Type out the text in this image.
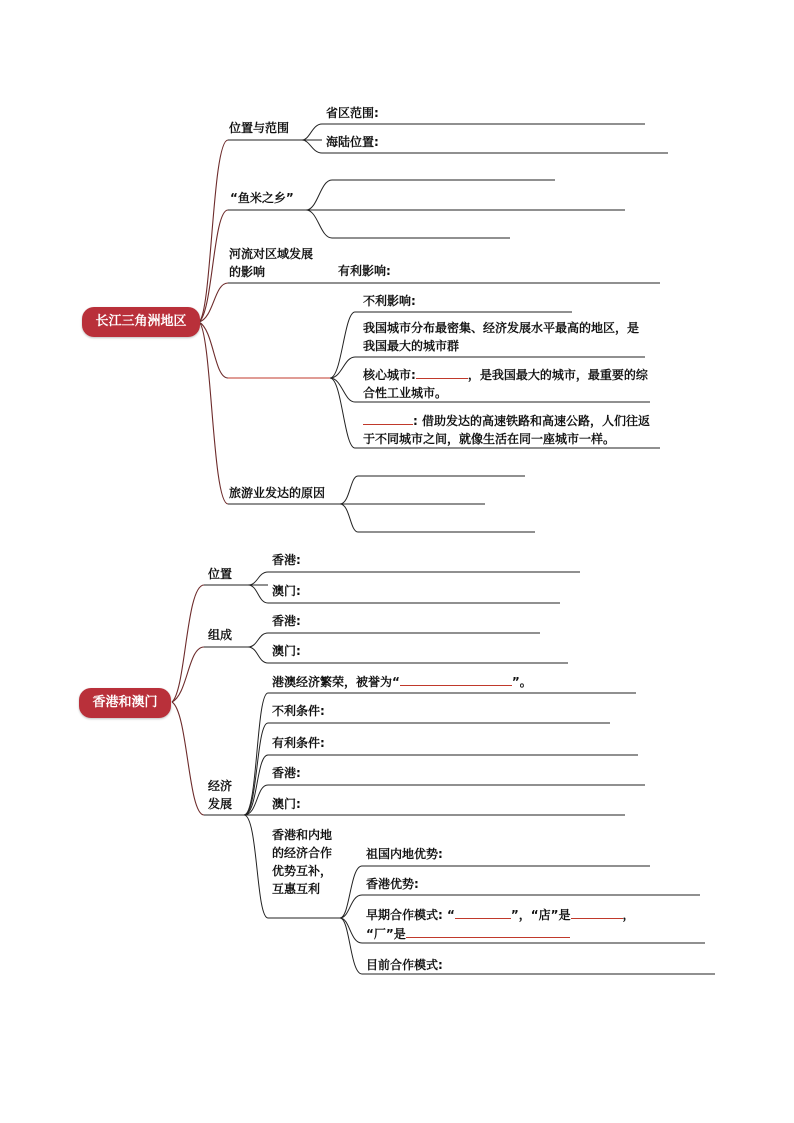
长江三角洲地区
位置与范围
省区范围:
海陆位置:
“鱼米之乡”
河流对区域发展的影响	有利影响:
不利影响:
我国城市分布最密集、经济发展水平最高的地区，是我国最大的城市群
核心城市:	，是我国最大的城市，最重要的综合性工业城市。
: 借助发达的高速铁路和高速公路，人们往返于不同城市之间，就像生活在同一座城市一样。
旅游业发达的原因
香港和澳门
位置
香港:
澳门:
组成
香港:
澳门:
经济发展
港澳经济繁荣，被誉为“	”。
不利条件:
有利条件:
香港:
澳门:
香港和内地的经济合作优势互补，互惠互利
祖国内地优势:
香港优势:
早期合作模式: “	”，“店”是	，
“厂”是
目前合作模式:
